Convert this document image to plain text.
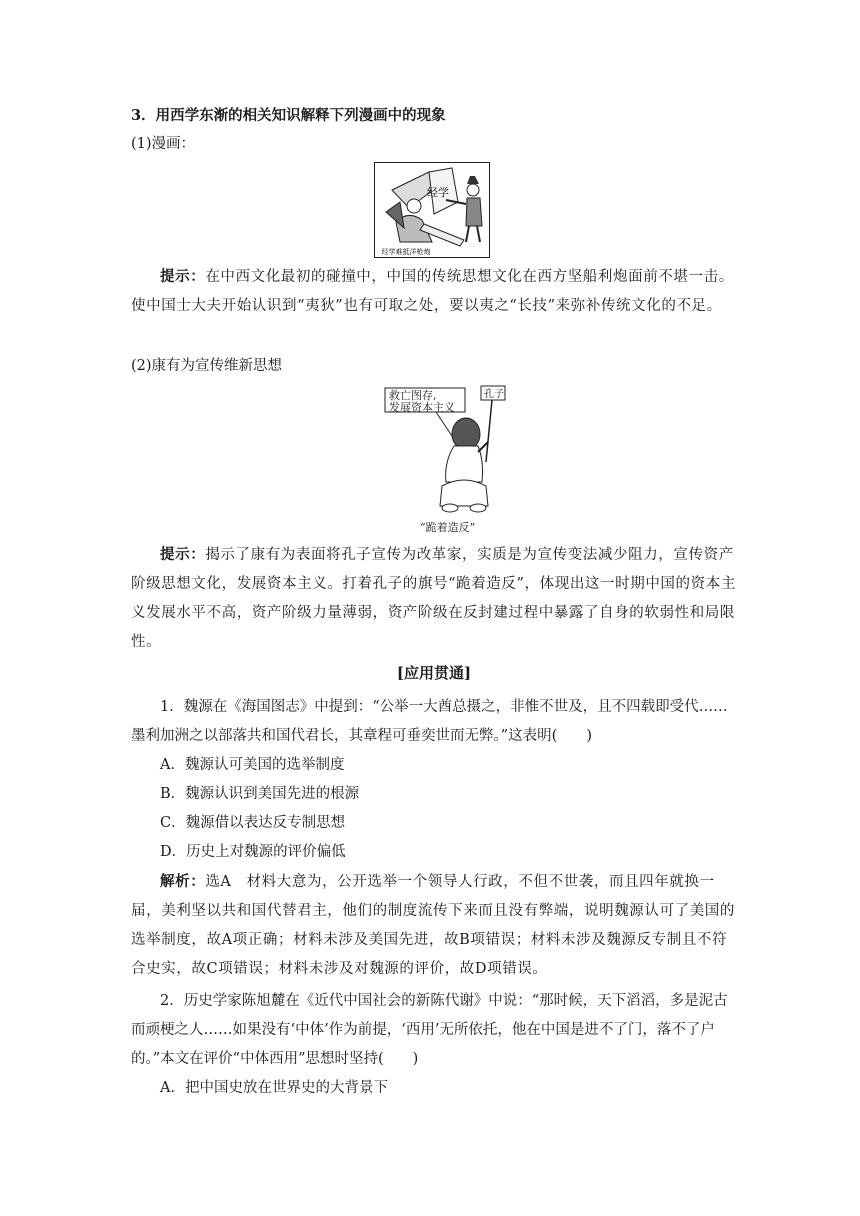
3．用西学东渐的相关知识解释下列漫画中的现象

(1)漫画：

经学
经学难抵洋枪炮

提示：在中西文化最初的碰撞中，中国的传统思想文化在西方坚船利炮面前不堪一击。使中国士大夫开始认识到“夷狄”也有可取之处，要以夷之“长技”来弥补传统文化的不足。

(2)康有为宣传维新思想

救亡图存,
发展资本主义
孔子
“跪着造反”

提示：揭示了康有为表面将孔子宣传为改革家，实质是为宣传变法减少阻力，宣传资产阶级思想文化，发展资本主义。打着孔子的旗号“跪着造反”，体现出这一时期中国的资本主义发展水平不高，资产阶级力量薄弱，资产阶级在反封建过程中暴露了自身的软弱性和局限性。

[应用贯通]

1．魏源在《海国图志》中提到：“公举一大酋总摄之，非惟不世及，且不四载即受代……墨利加洲之以部落共和国代君长，其章程可垂奕世而无弊。”这表明(　　)

A．魏源认可美国的选举制度

B．魏源认识到美国先进的根源

C．魏源借以表达反专制思想

D．历史上对魏源的评价偏低

解析：选A　材料大意为，公开选举一个领导人行政，不但不世袭，而且四年就换一届，美利坚以共和国代替君主，他们的制度流传下来而且没有弊端，说明魏源认可了美国的选举制度，故A项正确；材料未涉及美国先进，故B项错误；材料未涉及魏源反专制且不符合史实，故C项错误；材料未涉及对魏源的评价，故D项错误。

2．历史学家陈旭麓在《近代中国社会的新陈代谢》中说：“那时候，天下滔滔，多是泥古而顽梗之人……如果没有‘中体’作为前提，‘西用’无所依托，他在中国是进不了门，落不了户的。”本文在评价“中体西用”思想时坚持(　　)

A．把中国史放在世界史的大背景下
